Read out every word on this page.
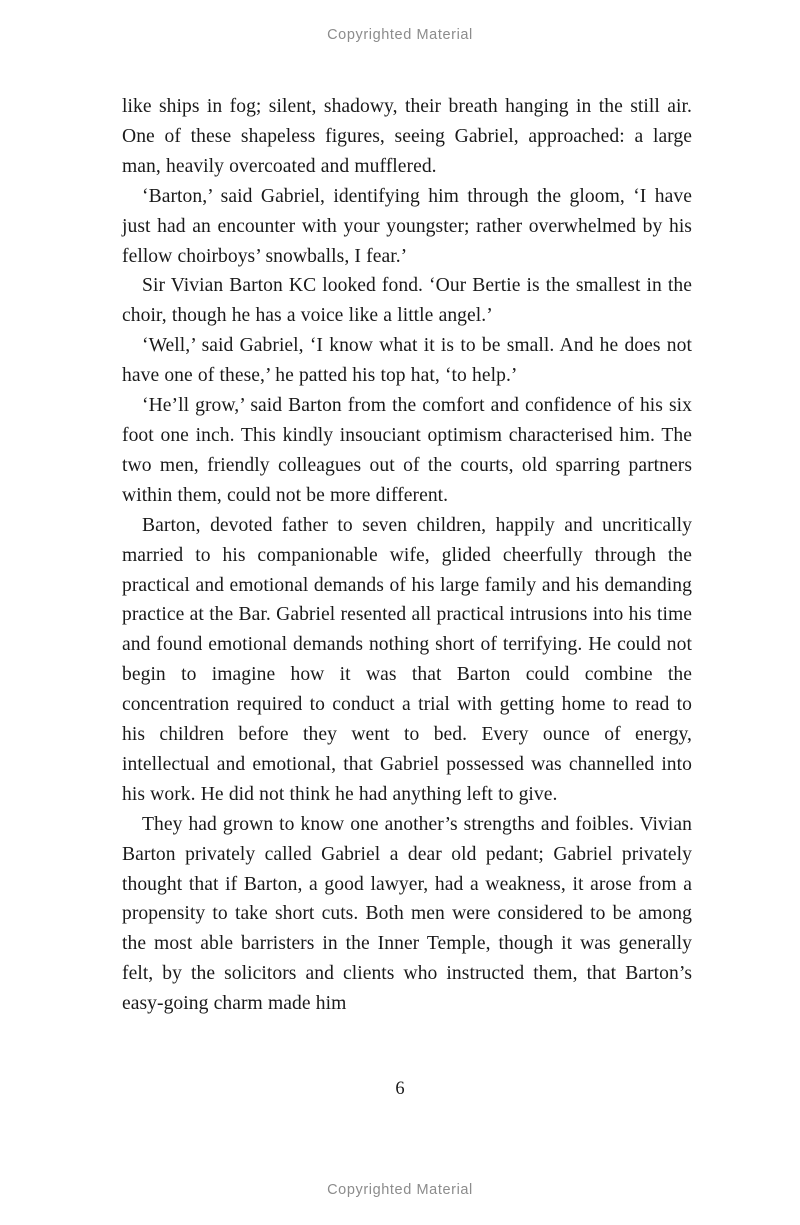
Copyrighted Material

like ships in fog; silent, shadowy, their breath hanging in the still air. One of these shapeless figures, seeing Gabriel, approached: a large man, heavily overcoated and mufflered.

‘Barton,’ said Gabriel, identifying him through the gloom, ‘I have just had an encounter with your youngster; rather overwhelmed by his fellow choirboys’ snowballs, I fear.’

Sir Vivian Barton KC looked fond. ‘Our Bertie is the smallest in the choir, though he has a voice like a little angel.’

‘Well,’ said Gabriel, ‘I know what it is to be small. And he does not have one of these,’ he patted his top hat, ‘to help.’

‘He’ll grow,’ said Barton from the comfort and confidence of his six foot one inch. This kindly insouciant optimism characterised him. The two men, friendly colleagues out of the courts, old sparring partners within them, could not be more different.

Barton, devoted father to seven children, happily and uncritically married to his companionable wife, glided cheerfully through the practical and emotional demands of his large family and his demanding practice at the Bar. Gabriel resented all practical intrusions into his time and found emotional demands nothing short of terrifying. He could not begin to imagine how it was that Barton could combine the concentration required to conduct a trial with getting home to read to his children before they went to bed. Every ounce of energy, intellectual and emotional, that Gabriel possessed was channelled into his work. He did not think he had anything left to give.

They had grown to know one another’s strengths and foibles. Vivian Barton privately called Gabriel a dear old pedant; Gabriel privately thought that if Barton, a good lawyer, had a weakness, it arose from a propensity to take short cuts. Both men were considered to be among the most able barristers in the Inner Temple, though it was generally felt, by the solicitors and clients who instructed them, that Barton’s easy-going charm made him

6
Copyrighted Material
